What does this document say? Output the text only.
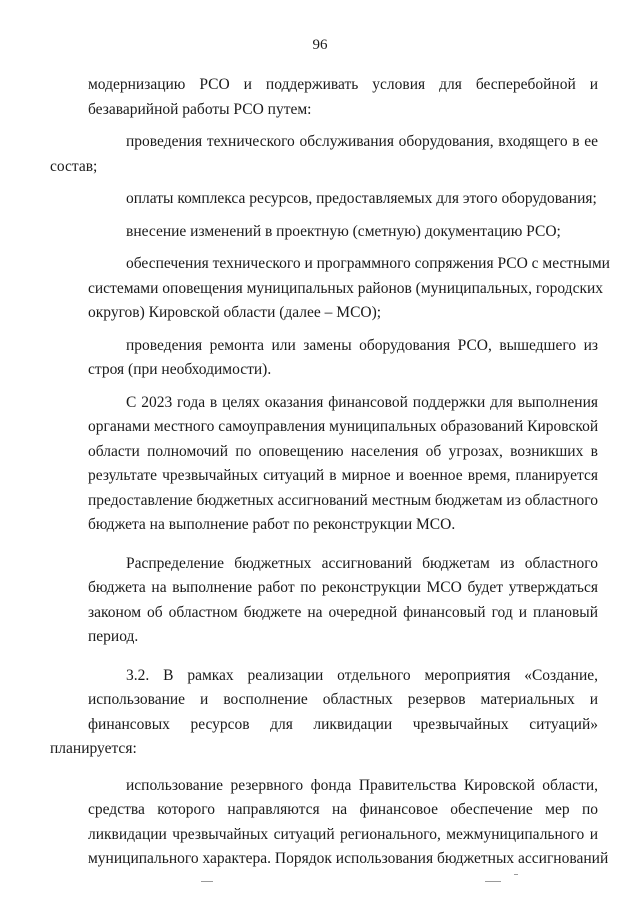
96

модернизацию РСО и поддерживать условия для бесперебойной и
безаварийной работы РСО путем:

проведения технического обслуживания оборудования, входящего в ее
состав;

оплаты комплекса ресурсов, предоставляемых для этого оборудования;

внесение изменений в проектную (сметную) документацию РСО;

обеспечения технического и программного сопряжения РСО с местными
системами оповещения муниципальных районов (муниципальных, городских
округов) Кировской области (далее – МСО);

проведения ремонта или замены оборудования РСО, вышедшего из
строя (при необходимости).

С 2023 года в целях оказания финансовой поддержки для выполнения
органами местного самоуправления муниципальных образований Кировской
области полномочий по оповещению населения об угрозах, возникших в
результате чрезвычайных ситуаций в мирное и военное время, планируется
предоставление бюджетных ассигнований местным бюджетам из областного
бюджета на выполнение работ по реконструкции МСО.

Распределение бюджетных ассигнований бюджетам из областного
бюджета на выполнение работ по реконструкции МСО будет утверждаться
законом об областном бюджете на очередной финансовый год и плановый
период.

3.2. В рамках реализации отдельного мероприятия «Создание,
использование и восполнение областных резервов материальных и
финансовых ресурсов для ликвидации чрезвычайных ситуаций» планируется:

использование резервного фонда Правительства Кировской области,
средства которого направляются на финансовое обеспечение мер по
ликвидации чрезвычайных ситуаций регионального, межмуниципального и
муниципального характера. Порядок использования бюджетных ассигнований
